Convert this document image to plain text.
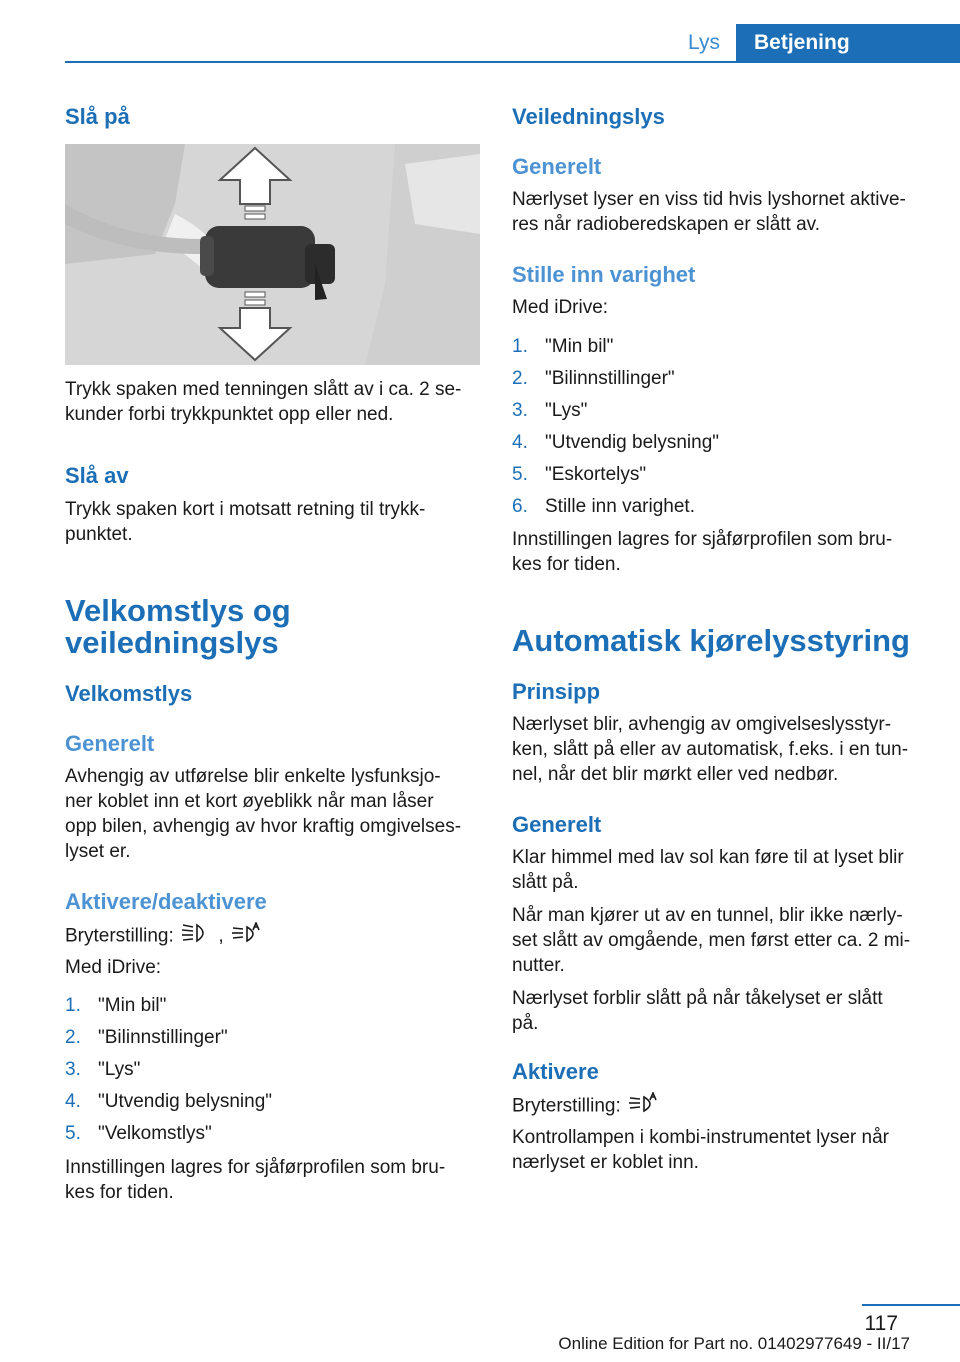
Lys	Betjening
Slå på
Trykk spaken med tenningen slått av i ca. 2 se-
kunder forbi trykkpunktet opp eller ned.
Slå av
Trykk spaken kort i motsatt retning til trykk-
punktet.
Velkomstlys og
veiledningslys
Velkomstlys
Generelt
Avhengig av utførelse blir enkelte lysfunksjo-
ner koblet inn et kort øyeblikk når man låser
opp bilen, avhengig av hvor kraftig omgivelses-
lyset er.
Aktivere/deaktivere
Bryterstilling: ,
Med iDrive:
1. "Min bil"
2. "Bilinnstillinger"
3. "Lys"
4. "Utvendig belysning"
5. "Velkomstlys"
Innstillingen lagres for sjåførprofilen som bru-
kes for tiden.
Veiledningslys
Generelt
Nærlyset lyser en viss tid hvis lyshornet aktive-
res når radioberedskapen er slått av.
Stille inn varighet
Med iDrive:
1. "Min bil"
2. "Bilinnstillinger"
3. "Lys"
4. "Utvendig belysning"
5. "Eskortelys"
6. Stille inn varighet.
Innstillingen lagres for sjåførprofilen som bru-
kes for tiden.
Automatisk kjørelysstyring
Prinsipp
Nærlyset blir, avhengig av omgivelseslysstyr-
ken, slått på eller av automatisk, f.eks. i en tun-
nel, når det blir mørkt eller ved nedbør.
Generelt
Klar himmel med lav sol kan føre til at lyset blir
slått på.
Når man kjører ut av en tunnel, blir ikke nærly-
set slått av omgående, men først etter ca. 2 mi-
nutter.
Nærlyset forblir slått på når tåkelyset er slått
på.
Aktivere
Bryterstilling:
Kontrollampen i kombi-instrumentet lyser når
nærlyset er koblet inn.
117
Online Edition for Part no. 01402977649 - II/17
